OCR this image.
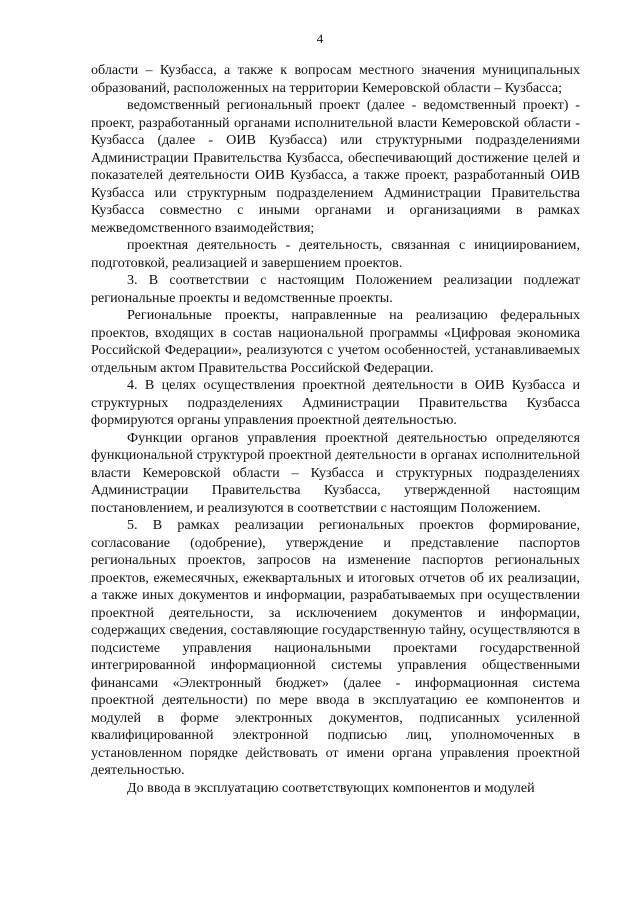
4

области – Кузбасса, а также к вопросам местного значения муниципальных образований, расположенных на территории Кемеровской области – Кузбасса;

ведомственный региональный проект (далее - ведомственный проект) - проект, разработанный органами исполнительной власти Кемеровской области - Кузбасса (далее - ОИВ Кузбасса) или структурными подразделениями Администрации Правительства Кузбасса, обеспечивающий достижение целей и показателей деятельности ОИВ Кузбасса, а также проект, разработанный ОИВ Кузбасса или структурным подразделением Администрации Правительства Кузбасса совместно с иными органами и организациями в рамках межведомственного взаимодействия;

проектная деятельность - деятельность, связанная с инициированием, подготовкой, реализацией и завершением проектов.

3. В соответствии с настоящим Положением реализации подлежат региональные проекты и ведомственные проекты.

Региональные проекты, направленные на реализацию федеральных проектов, входящих в состав национальной программы «Цифровая экономика Российской Федерации», реализуются с учетом особенностей, устанавливаемых отдельным актом Правительства Российской Федерации.

4. В целях осуществления проектной деятельности в ОИВ Кузбасса и структурных подразделениях Администрации Правительства Кузбасса формируются органы управления проектной деятельностью.

Функции органов управления проектной деятельностью определяются функциональной структурой проектной деятельности в органах исполнительной власти Кемеровской области – Кузбасса и структурных подразделениях Администрации Правительства Кузбасса, утвержденной настоящим постановлением, и реализуются в соответствии с настоящим Положением.

5. В рамках реализации региональных проектов формирование, согласование (одобрение), утверждение и представление паспортов региональных проектов, запросов на изменение паспортов региональных проектов, ежемесячных, ежеквартальных и итоговых отчетов об их реализации, а также иных документов и информации, разрабатываемых при осуществлении проектной деятельности, за исключением документов и информации, содержащих сведения, составляющие государственную тайну, осуществляются в подсистеме управления национальными проектами государственной интегрированной информационной системы управления общественными финансами «Электронный бюджет» (далее - информационная система проектной деятельности) по мере ввода в эксплуатацию ее компонентов и модулей в форме электронных документов, подписанных усиленной квалифицированной электронной подписью лиц, уполномоченных в установленном порядке действовать от имени органа управления проектной деятельностью.

До ввода в эксплуатацию соответствующих компонентов и модулей
